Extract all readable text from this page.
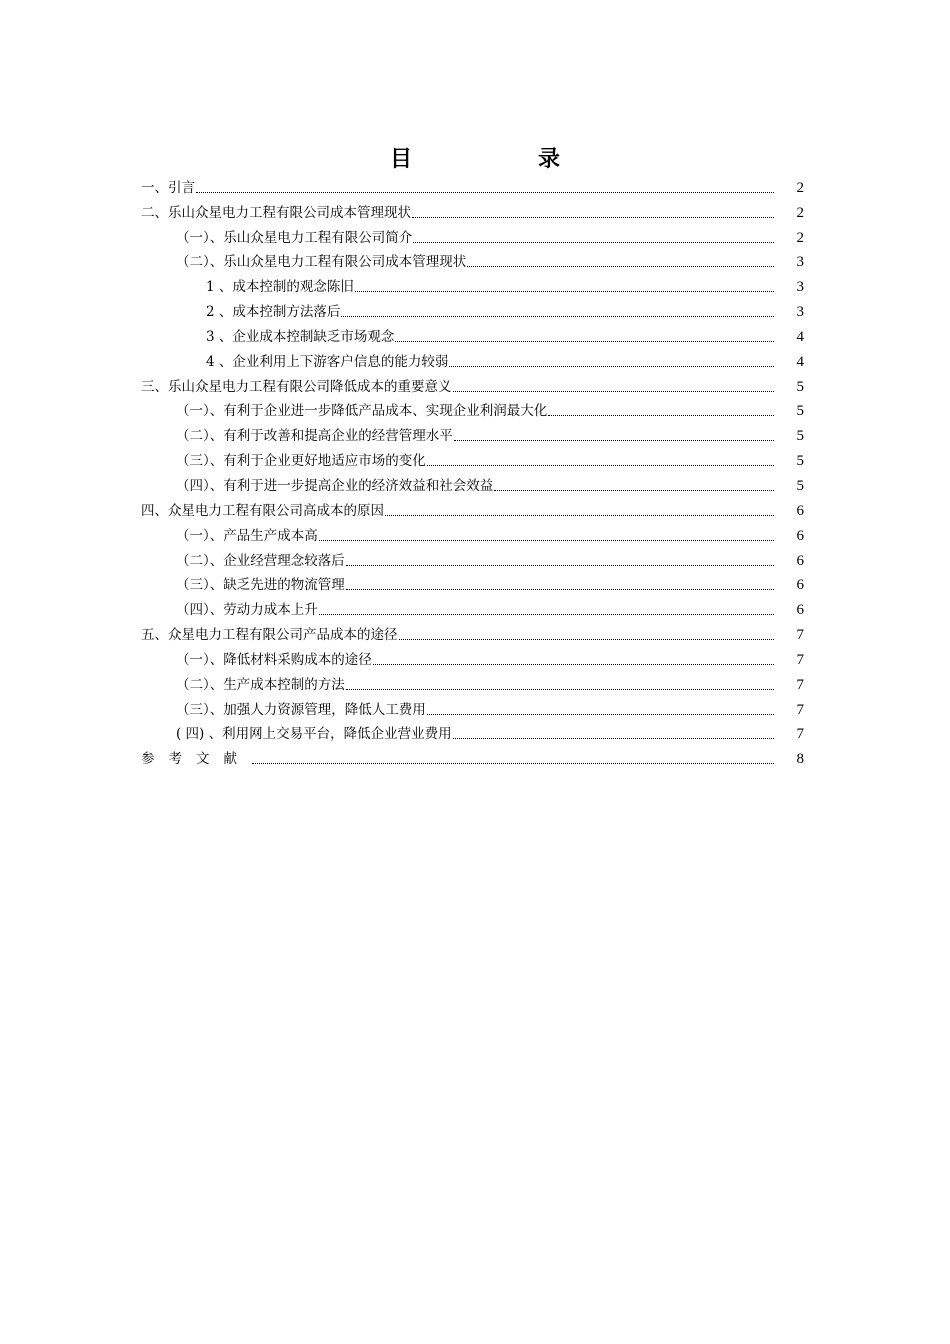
目	录
一、引言	2
二、乐山众星电力工程有限公司成本管理现状	2
（一）、乐山众星电力工程有限公司简介	2
（二）、乐山众星电力工程有限公司成本管理现状	3
1 、成本控制的观念陈旧	3
2 、成本控制方法落后	3
3 、企业成本控制缺乏市场观念	4
4 、企业利用上下游客户信息的能力较弱	4
三、乐山众星电力工程有限公司降低成本的重要意义	5
（一）、有利于企业进一步降低产品成本、实现企业利润最大化	5
（二）、有利于改善和提高企业的经营管理水平	5
（三）、有利于企业更好地适应市场的变化	5
（四）、有利于进一步提高企业的经济效益和社会效益	5
四、众星电力工程有限公司高成本的原因	6
（一）、产品生产成本高	6
（二）、企业经营理念较落后	6
（三）、缺乏先进的物流管理	6
（四）、劳动力成本上升	6
五、众星电力工程有限公司产品成本的途径	7
（一）、降低材料采购成本的途径	7
（二）、生产成本控制的方法	7
（三）、加强人力资源管理，降低人工费用	7
( 四) 、利用网上交易平台，降低企业营业费用	7
参考文献	8
